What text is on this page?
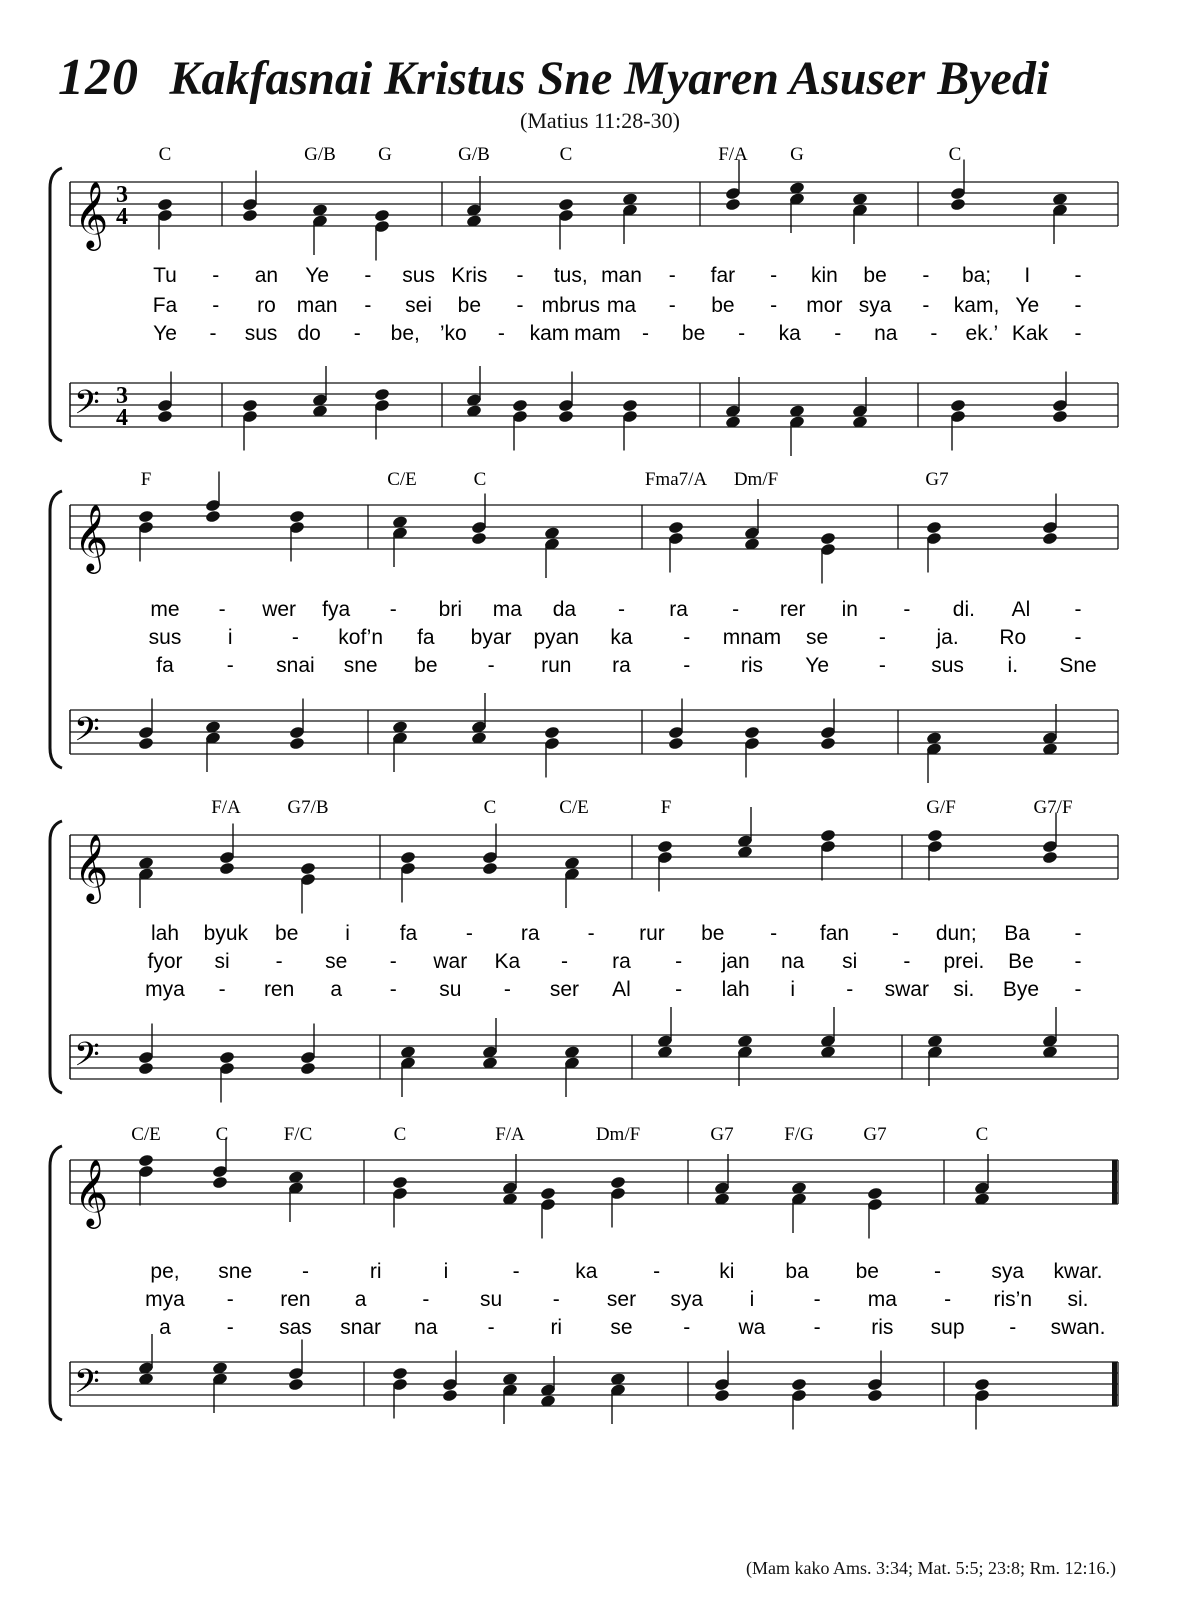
120 Kakfasnai Kristus Sne Myaren Asuser Byedi
(Matius 11:28-30)
𝄞 3
4
𝄢 3
4
C	G/B G	G/B	C	F/A G	C
Tu - an Ye - sus Kris - tus, man - far - kin be - ba; I -
Fa - ro man - sei be - mbrus ma - be - mor sya - kam, Ye -
Ye - sus do - be, ’ko - kam mam - be - ka - na - ek.’ Kak -
𝄞
𝄢
F	C/E	C	Fma7/A Dm/F	G7
me - wer fya - bri ma da - ra - rer in - di. Al -
sus i	- kof’n fa byar pyan ka - mnam se - ja. Ro -
fa	- snai sne be - run ra - ris Ye - sus i. Sne
𝄞
𝄢
F/A G7/B	C	C/E	F	G/F	G7/F
lah byuk be i fa - ra - rur be - fan - dun; Ba -
fyor si - se - war Ka - ra - jan na si - prei. Be -
mya - ren a - su - ser Al - lah i - swar si. Bye -
𝄞
𝄢
C/E	C	F/C	C	F/A	Dm/F	G7	F/G	G7	C
pe, sne -	ri	i	-	ka	-	ki ba be	- sya kwar.
mya - ren a	- su - ser sya i	- ma - ris’n si.
a	- sas snar na -	ri se - wa - ris sup - swan.
(Mam kako Ams. 3:34; Mat. 5:5; 23:8; Rm. 12:16.)
